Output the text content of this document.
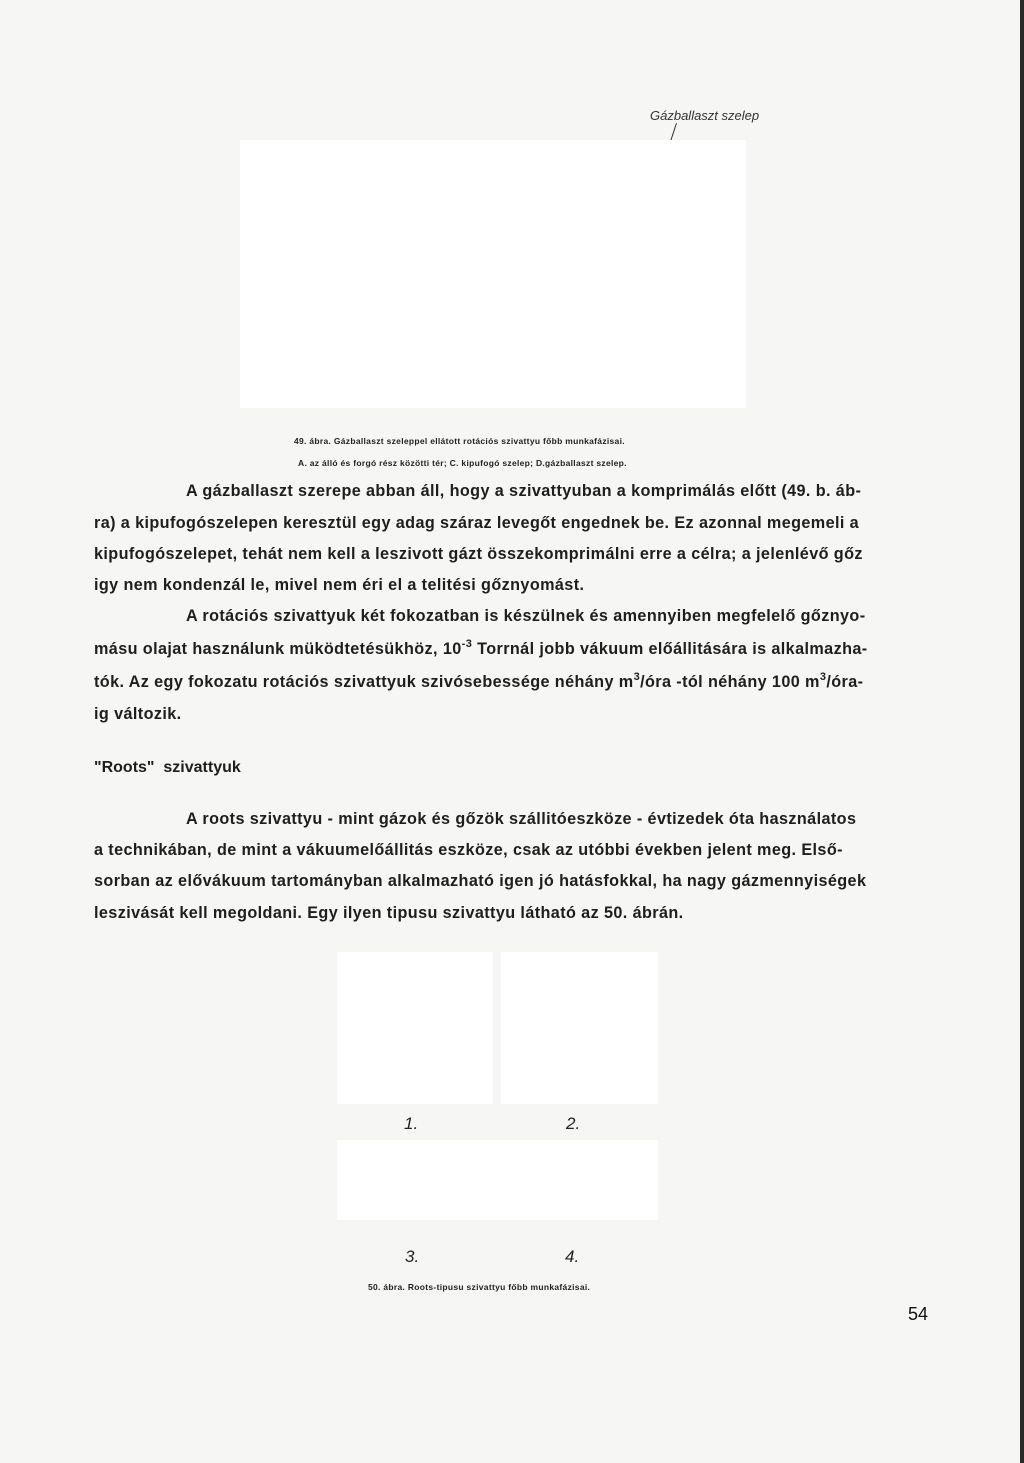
Gázballaszt szelep
49. ábra. Gázballaszt szeleppel ellátott rotációs szivattyu főbb munkafázisai.
A. az álló és forgó rész közötti tér; C. kipufogó szelep; D.gázballaszt szelep.
A gázballaszt szerepe abban áll, hogy a szivattyuban a komprimálás előtt (49. b. áb-
ra) a kipufogószelepen keresztül egy adag száraz levegőt engednek be. Ez azonnal megemeli a
kipufogószelepet, tehát nem kell a leszivott gázt összekomprimálni erre a célra; a jelenlévő gőz
igy nem kondenzál le, mivel nem éri el a telitési gőznyomást.
A rotációs szivattyuk két fokozatban is készülnek és amennyiben megfelelő gőznyo-
másu olajat használunk müködtetésükhöz, $10^{-3}$ Torrnál jobb vákuum előállitására is alkalmazha-
tók. Az egy fokozatu rotációs szivattyuk szivósebessége néhány $m^3$/óra -tól néhány 100 $m^3/óra-$
ig változik.
"Roots"  szivattyuk
A roots szivattyu - mint gázok és gőzök szállitóeszköze - évtizedek óta használatos
a technikában, de mint a vákuumelőállitás eszköze, csak az utóbbi években jelent meg. Első-
sorban az elővákuum tartományban alkalmazható igen jó hatásfokkal, ha nagy gázmennyiségek
leszivását kell megoldani. Egy ilyen tipusu szivattyu látható az 50. ábrán.
1.	2.
3.	4.
50. ábra. Roots-tipusu szivattyu főbb munkafázisai.
54
